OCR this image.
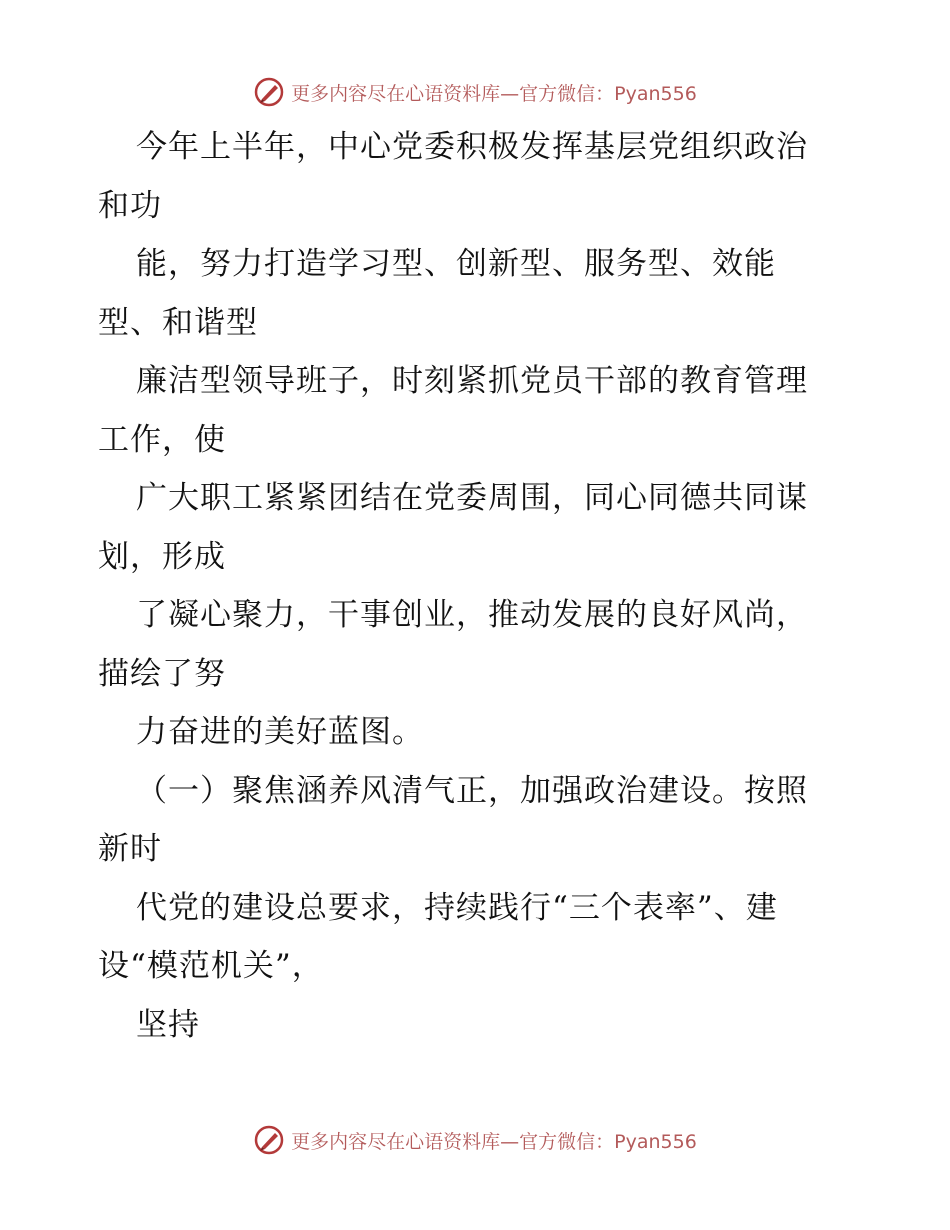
更多内容尽在心语资料库—官方微信：Pyan556
今年上半年，中心党委积极发挥基层党组织政治
和功
能，努力打造学习型、创新型、服务型、效能
型、和谐型
廉洁型领导班子，时刻紧抓党员干部的教育管理
工作，使
广大职工紧紧团结在党委周围，同心同德共同谋
划，形成
了凝心聚力，干事创业，推动发展的良好风尚，
描绘了努
力奋进的美好蓝图。
（一）聚焦涵养风清气正，加强政治建设。按照
新时
代党的建设总要求，持续践行“三个表率”、建
设“模范机关”，
坚持
更多内容尽在心语资料库—官方微信：Pyan556
